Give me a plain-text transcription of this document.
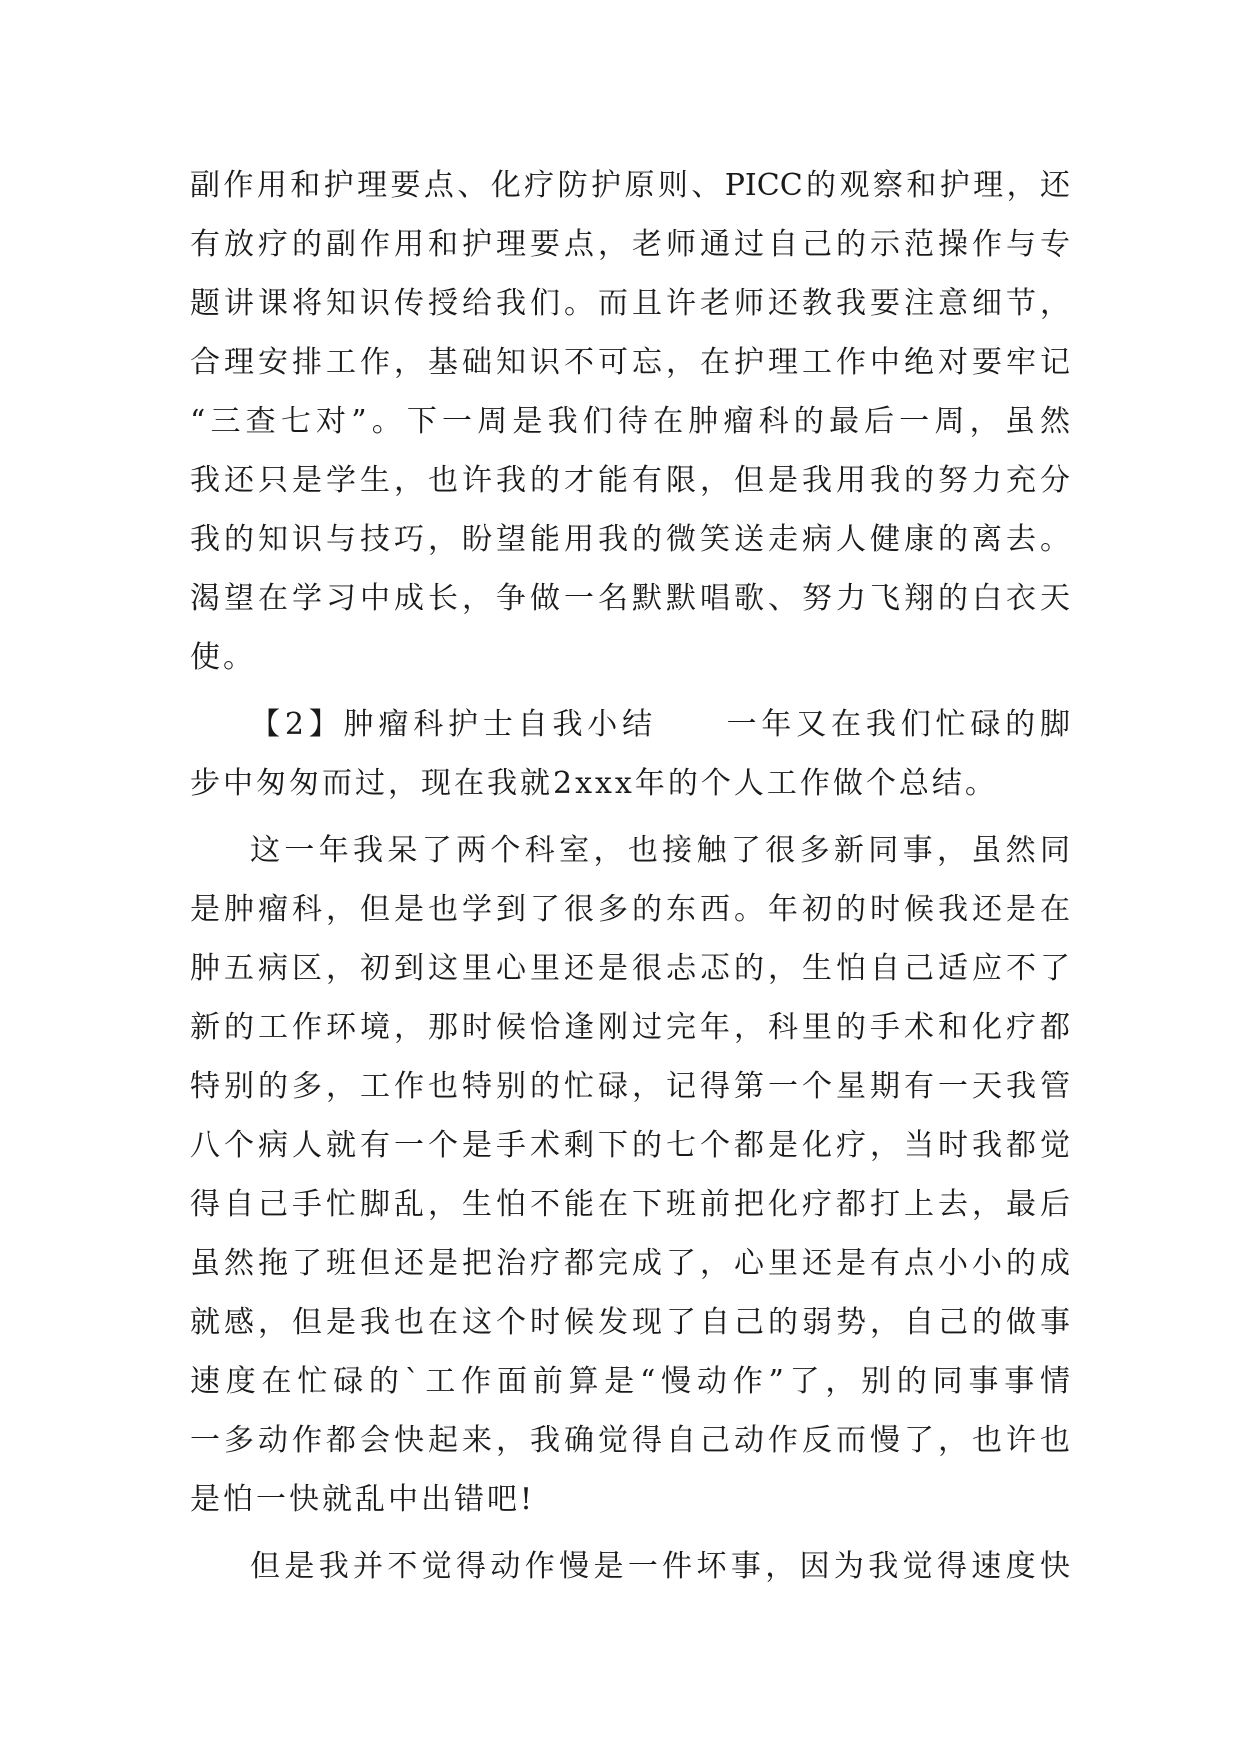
副作用和护理要点、化疗防护原则、PICC的观察和护理，还
有放疗的副作用和护理要点，老师通过自己的示范操作与专
题讲课将知识传授给我们。而且许老师还教我要注意细节，
合理安排工作，基础知识不可忘，在护理工作中绝对要牢记
“三查七对”。下一周是我们待在肿瘤科的最后一周，虽然
我还只是学生，也许我的才能有限，但是我用我的努力充分
我的知识与技巧，盼望能用我的微笑送走病人健康的离去。
渴望在学习中成长，争做一名默默唱歌、努力飞翔的白衣天
使。
【2】肿瘤科护士自我小结　　一年又在我们忙碌的脚
步中匆匆而过，现在我就2xxx年的个人工作做个总结。
这一年我呆了两个科室，也接触了很多新同事，虽然同
是肿瘤科，但是也学到了很多的东西。年初的时候我还是在
肿五病区，初到这里心里还是很忐忑的，生怕自己适应不了
新的工作环境，那时候恰逢刚过完年，科里的手术和化疗都
特别的多，工作也特别的忙碌，记得第一个星期有一天我管
八个病人就有一个是手术剩下的七个都是化疗，当时我都觉
得自己手忙脚乱，生怕不能在下班前把化疗都打上去，最后
虽然拖了班但还是把治疗都完成了，心里还是有点小小的成
就感，但是我也在这个时候发现了自己的弱势，自己的做事
速度在忙碌的`工作面前算是“慢动作”了，别的同事事情
一多动作都会快起来，我确觉得自己动作反而慢了，也许也
是怕一快就乱中出错吧!
但是我并不觉得动作慢是一件坏事，因为我觉得速度快
